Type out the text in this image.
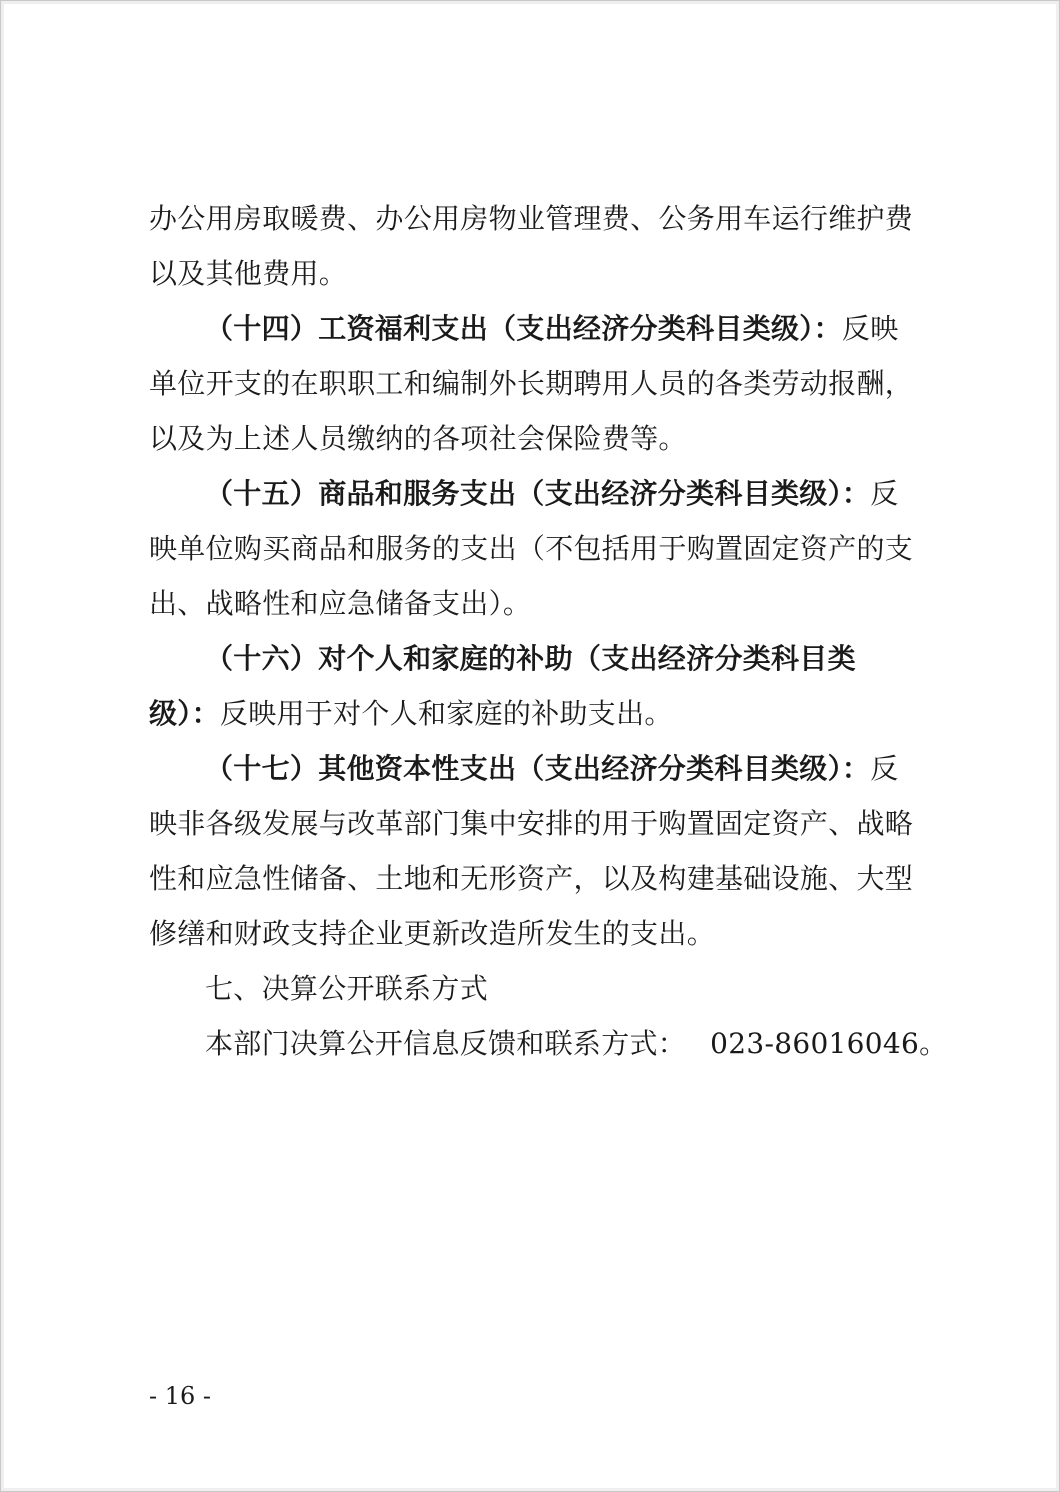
办公用房取暖费、办公用房物业管理费、公务用车运行维护费
以及其他费用。
（十四）工资福利支出（支出经济分类科目类级）：反映
单位开支的在职职工和编制外长期聘用人员的各类劳动报酬，
以及为上述人员缴纳的各项社会保险费等。
（十五）商品和服务支出（支出经济分类科目类级）：反
映单位购买商品和服务的支出（不包括用于购置固定资产的支
出、战略性和应急储备支出）。
（十六）对个人和家庭的补助（支出经济分类科目类
级）：反映用于对个人和家庭的补助支出。
（十七）其他资本性支出（支出经济分类科目类级）：反
映非各级发展与改革部门集中安排的用于购置固定资产、战略
性和应急性储备、土地和无形资产，以及构建基础设施、大型
修缮和财政支持企业更新改造所发生的支出。
七、决算公开联系方式
本部门决算公开信息反馈和联系方式： 023-86016046。
- 16 -
